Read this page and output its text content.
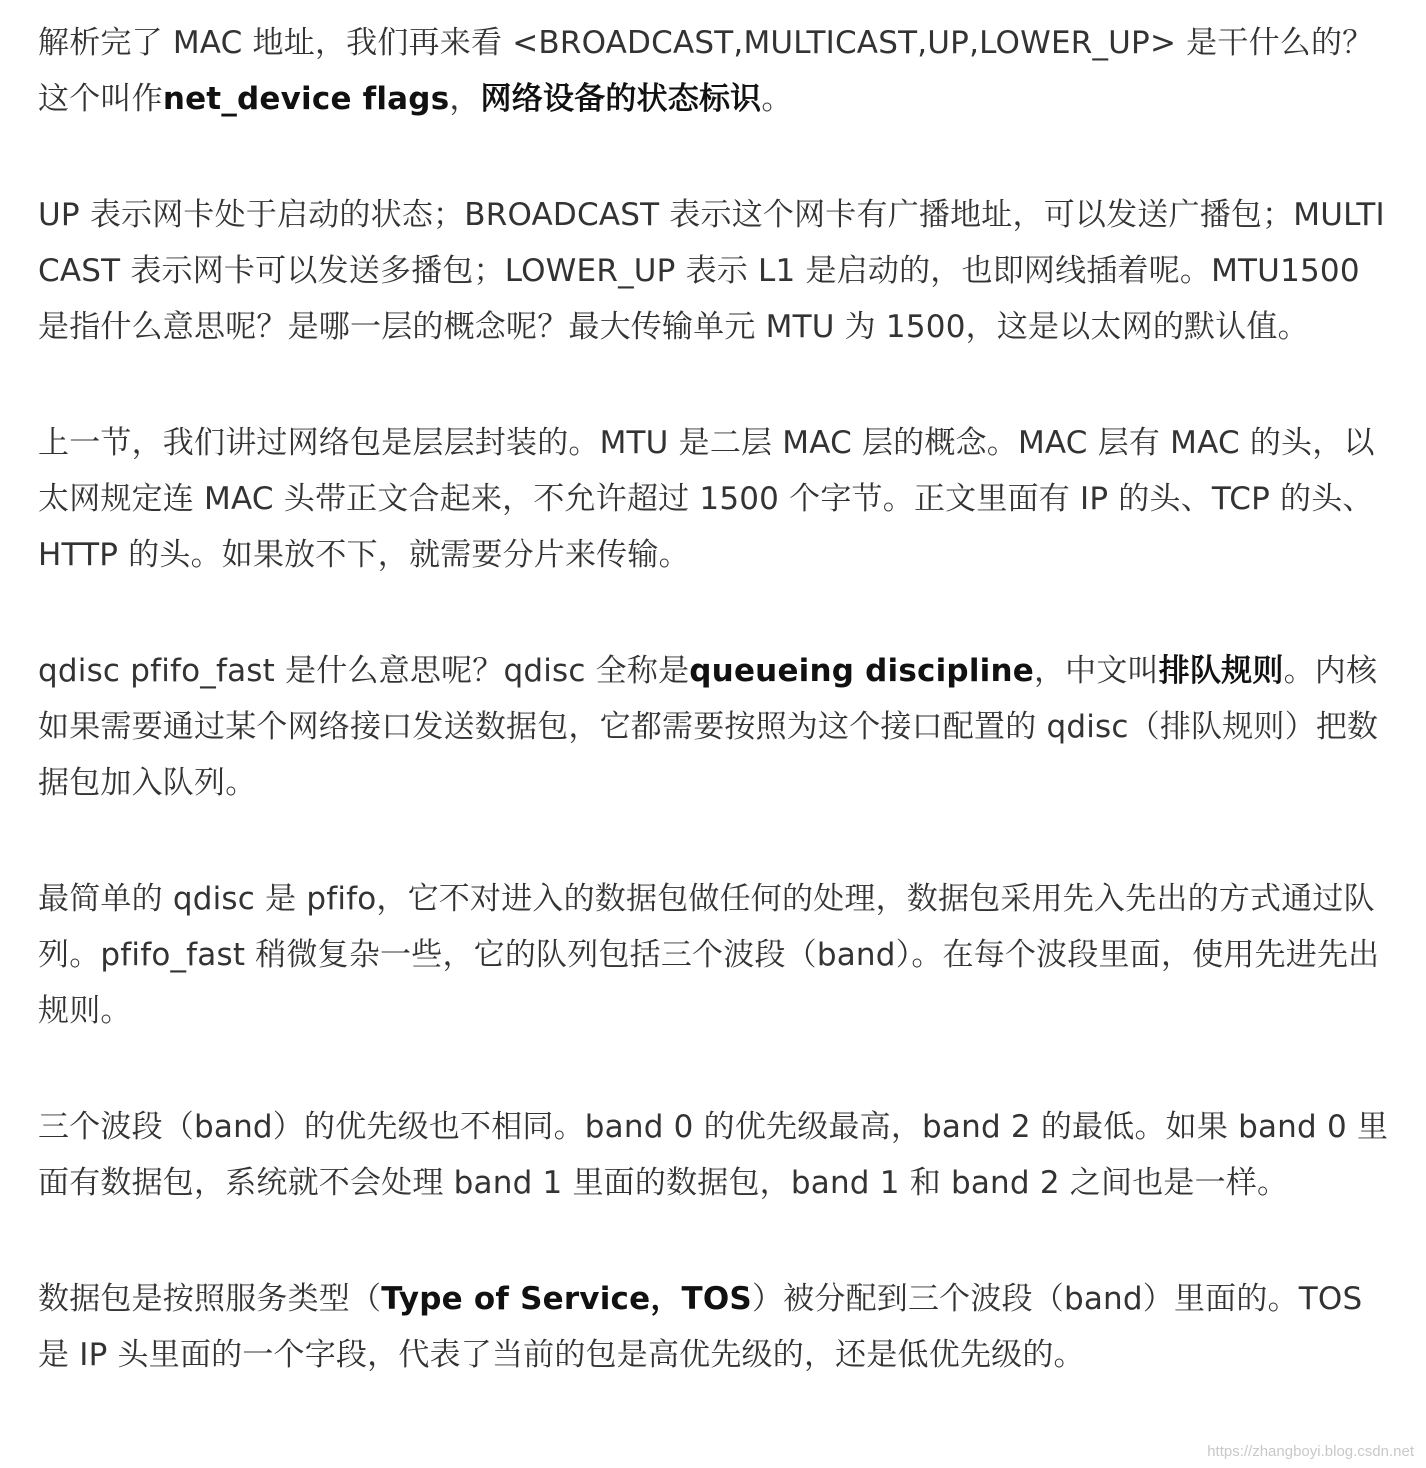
解析完了 MAC 地址，我们再来看 <BROADCAST,MULTICAST,UP,LOWER_UP> 是干什么的？这个叫作net_device flags，网络设备的状态标识。

UP 表示网卡处于启动的状态；BROADCAST 表示这个网卡有广播地址，可以发送广播包；MULTICAST 表示网卡可以发送多播包；LOWER_UP 表示 L1 是启动的，也即网线插着呢。MTU1500 是指什么意思呢？是哪一层的概念呢？最大传输单元 MTU 为 1500，这是以太网的默认值。

上一节，我们讲过网络包是层层封装的。MTU 是二层 MAC 层的概念。MAC 层有 MAC 的头，以太网规定连 MAC 头带正文合起来，不允许超过 1500 个字节。正文里面有 IP 的头、TCP 的头、HTTP 的头。如果放不下，就需要分片来传输。

qdisc pfifo_fast 是什么意思呢？qdisc 全称是queueing discipline，中文叫排队规则。内核如果需要通过某个网络接口发送数据包，它都需要按照为这个接口配置的 qdisc（排队规则）把数据包加入队列。

最简单的 qdisc 是 pfifo，它不对进入的数据包做任何的处理，数据包采用先入先出的方式通过队列。pfifo_fast 稍微复杂一些，它的队列包括三个波段（band）。在每个波段里面，使用先进先出规则。

三个波段（band）的优先级也不相同。band 0 的优先级最高，band 2 的最低。如果 band 0 里面有数据包，系统就不会处理 band 1 里面的数据包，band 1 和 band 2 之间也是一样。

数据包是按照服务类型（Type of Service，TOS）被分配到三个波段（band）里面的。TOS 是 IP 头里面的一个字段，代表了当前的包是高优先级的，还是低优先级的。

https://zhangboyi.blog.csdn.net
